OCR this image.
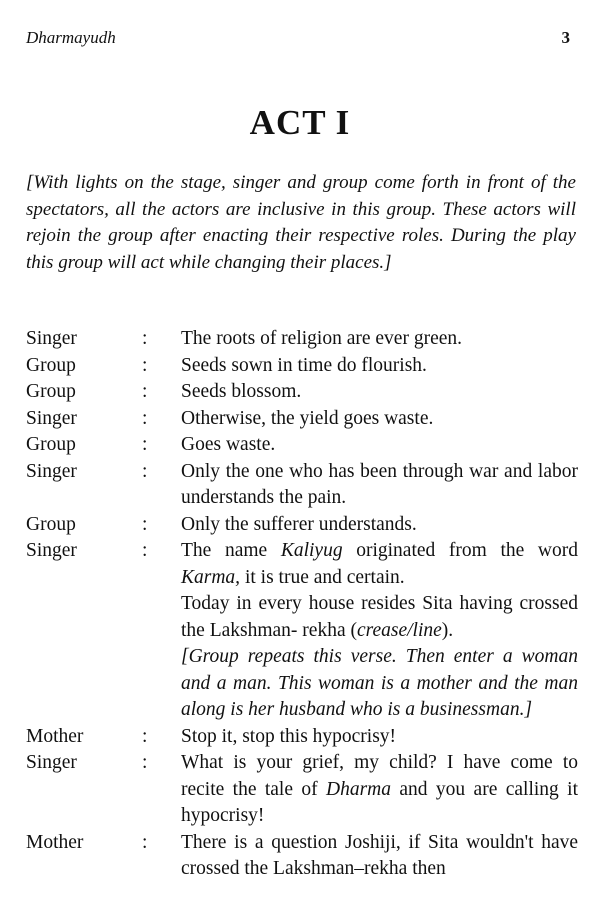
Dharmayudh	3
ACT I
[With lights on the stage, singer and group come forth in front of the spectators, all the actors are inclusive in this group. These actors will rejoin the group after enacting their respective roles. During the play this group will act while changing their places.]
Singer	:	The roots of religion are ever green.
Group	:	Seeds sown in time do flourish.
Group	:	Seeds blossom.
Singer	:	Otherwise, the yield goes waste.
Group	:	Goes waste.
Singer	:	Only the one who has been through war and labor understands the pain.
Group	:	Only the sufferer understands.
Singer	:	The name Kaliyug originated from the word Karma, it is true and certain.

Today in every house resides Sita having crossed the Lakshman- rekha (crease/line).

[Group repeats this verse. Then enter a woman and a man. This woman is a mother and the man along is her husband who is a businessman.]

Mother	:	Stop it, stop this hypocrisy!
Singer	:	What is your grief, my child? I have come to recite the tale of Dharma and you are calling it hypocrisy!
Mother	:	There is a question Joshiji, if Sita wouldn't have crossed the Lakshman–rekha then
